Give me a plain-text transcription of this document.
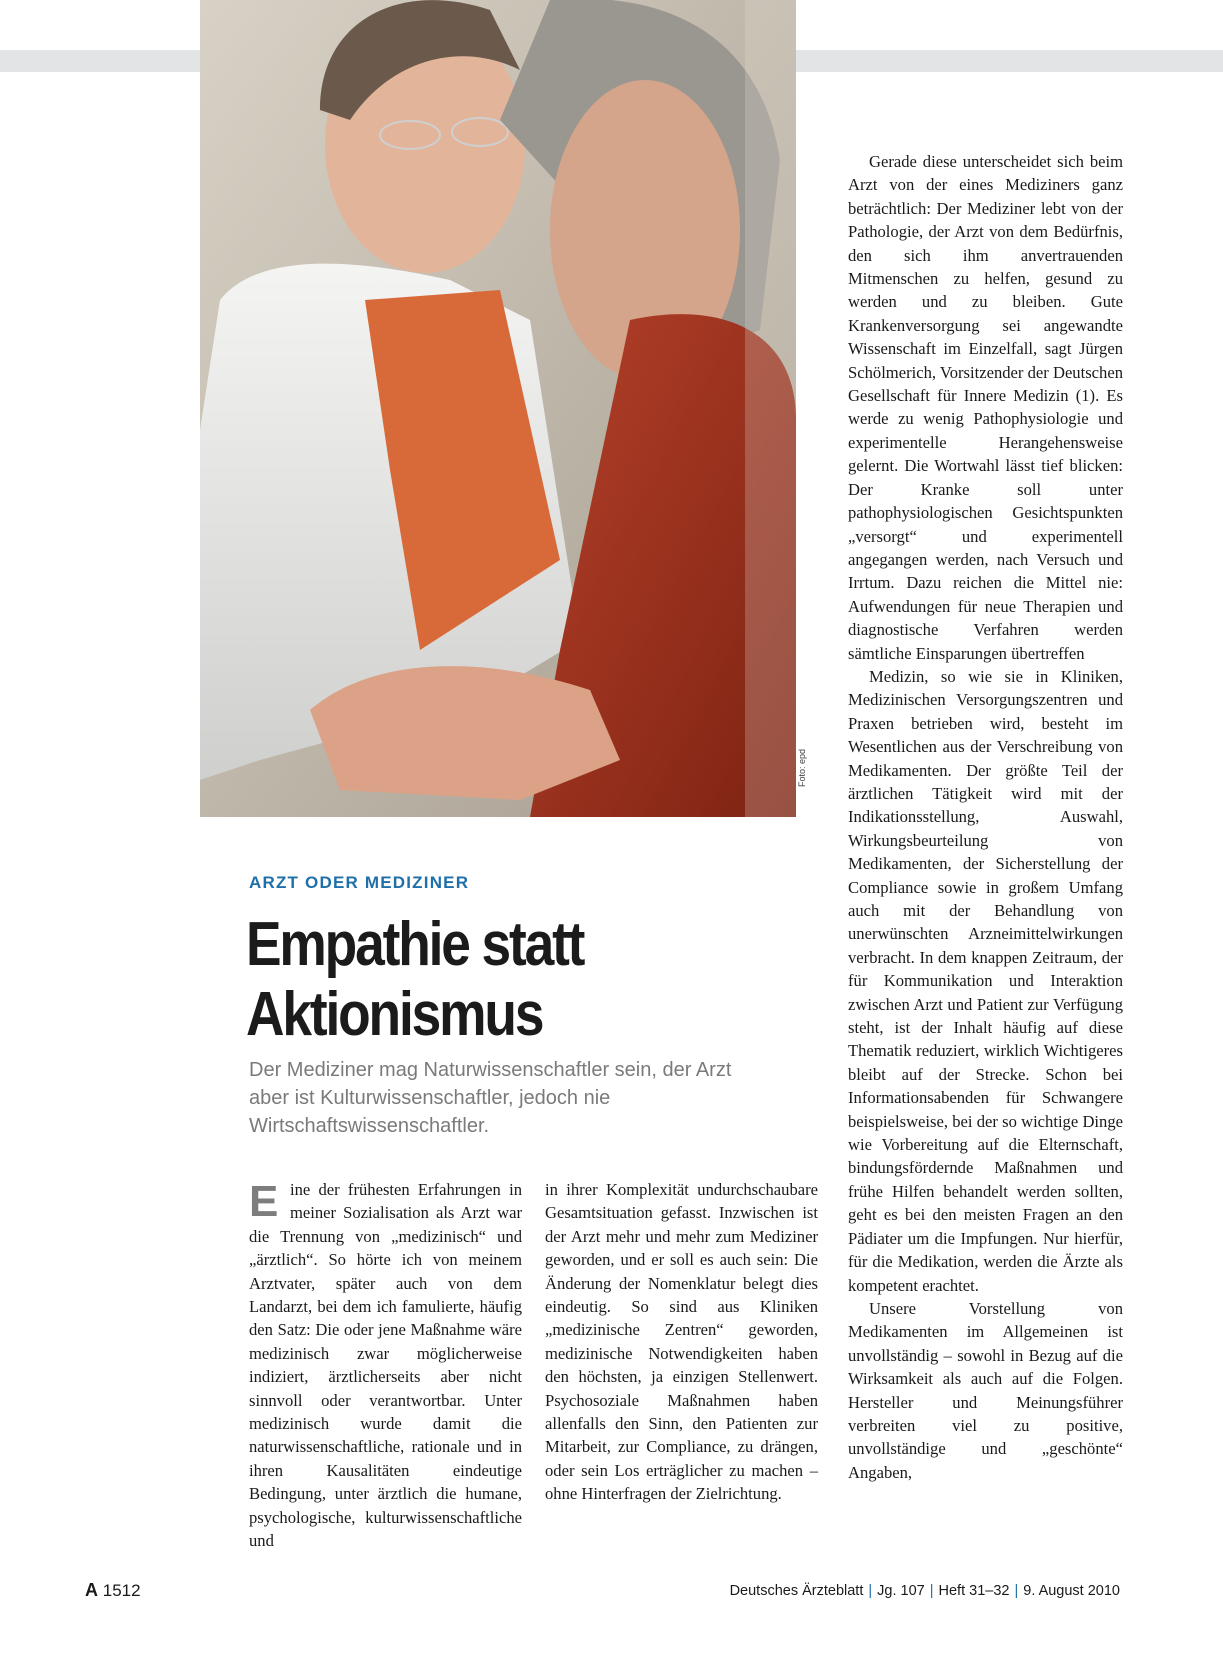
Foto: epd
ARZT ODER MEDIZINER
Empathie statt
Aktionismus

Der Mediziner mag Naturwissenschaftler sein, der Arzt aber ist Kulturwissenschaftler, jedoch nie Wirtschaftswissenschaftler.

Eine der frühesten Erfahrungen in meiner Sozialisation als Arzt war die Trennung von „medizinisch“ und „ärztlich“. So hörte ich von meinem Arztvater, später auch von dem Landarzt, bei dem ich famulierte, häufig den Satz: Die oder jene Maßnahme wäre medizinisch zwar möglicherweise indiziert, ärztlicherseits aber nicht sinnvoll oder verantwortbar. Unter medizinisch wurde damit die naturwissenschaftliche, rationale und in ihren Kausalitäten eindeutige Bedingung, unter ärztlich die humane, psychologische, kulturwissenschaftliche und

in ihrer Komplexität undurchschaubare Gesamtsituation gefasst. Inzwischen ist der Arzt mehr und mehr zum Mediziner geworden, und er soll es auch sein: Die Änderung der Nomenklatur belegt dies eindeutig. So sind aus Kliniken „medizinische Zentren“ geworden, medizinische Notwendigkeiten haben den höchsten, ja einzigen Stellenwert. Psychosoziale Maßnahmen haben allenfalls den Sinn, den Patienten zur Mitarbeit, zur Compliance, zu drängen, oder sein Los erträglicher zu machen – ohne Hinterfragen der Zielrichtung.

Gerade diese unterscheidet sich beim Arzt von der eines Mediziners ganz beträchtlich: Der Mediziner lebt von der Pathologie, der Arzt von dem Bedürfnis, den sich ihm anvertrauenden Mitmenschen zu helfen, gesund zu werden und zu bleiben. Gute Krankenversorgung sei angewandte Wissenschaft im Einzelfall, sagt Jürgen Schölmerich, Vorsitzender der Deutschen Gesellschaft für Innere Medizin (1). Es werde zu wenig Pathophysiologie und experimentelle Herangehensweise gelernt. Die Wortwahl lässt tief blicken: Der Kranke soll unter pathophysiologischen Gesichtspunkten „versorgt“ und experimentell angegangen werden, nach Versuch und Irrtum. Dazu reichen die Mittel nie: Aufwendungen für neue Therapien und diagnostische Verfahren werden sämtliche Einsparungen übertreffen

Medizin, so wie sie in Kliniken, Medizinischen Versorgungszentren und Praxen betrieben wird, besteht im Wesentlichen aus der Verschreibung von Medikamenten. Der größte Teil der ärztlichen Tätigkeit wird mit der Indikationsstellung, Auswahl, Wirkungsbeurteilung von Medikamenten, der Sicherstellung der Compliance sowie in großem Umfang auch mit der Behandlung von unerwünschten Arzneimittelwirkungen verbracht. In dem knappen Zeitraum, der für Kommunikation und Interaktion zwischen Arzt und Patient zur Verfügung steht, ist der Inhalt häufig auf diese Thematik reduziert, wirklich Wichtigeres bleibt auf der Strecke. Schon bei Informationsabenden für Schwangere beispielsweise, bei der so wichtige Dinge wie Vorbereitung auf die Elternschaft, bindungsfördernde Maßnahmen und frühe Hilfen behandelt werden sollten, geht es bei den meisten Fragen an den Pädiater um die Impfungen. Nur hierfür, für die Medikation, werden die Ärzte als kompetent erachtet.

Unsere Vorstellung von Medikamenten im Allgemeinen ist unvollständig – sowohl in Bezug auf die Wirksamkeit als auch auf die Folgen. Hersteller und Meinungsführer verbreiten viel zu positive, unvollständige und „geschönte“ Angaben,

A 1512	Deutsches Ärzteblatt | Jg. 107 | Heft 31–32 | 9. August 2010
